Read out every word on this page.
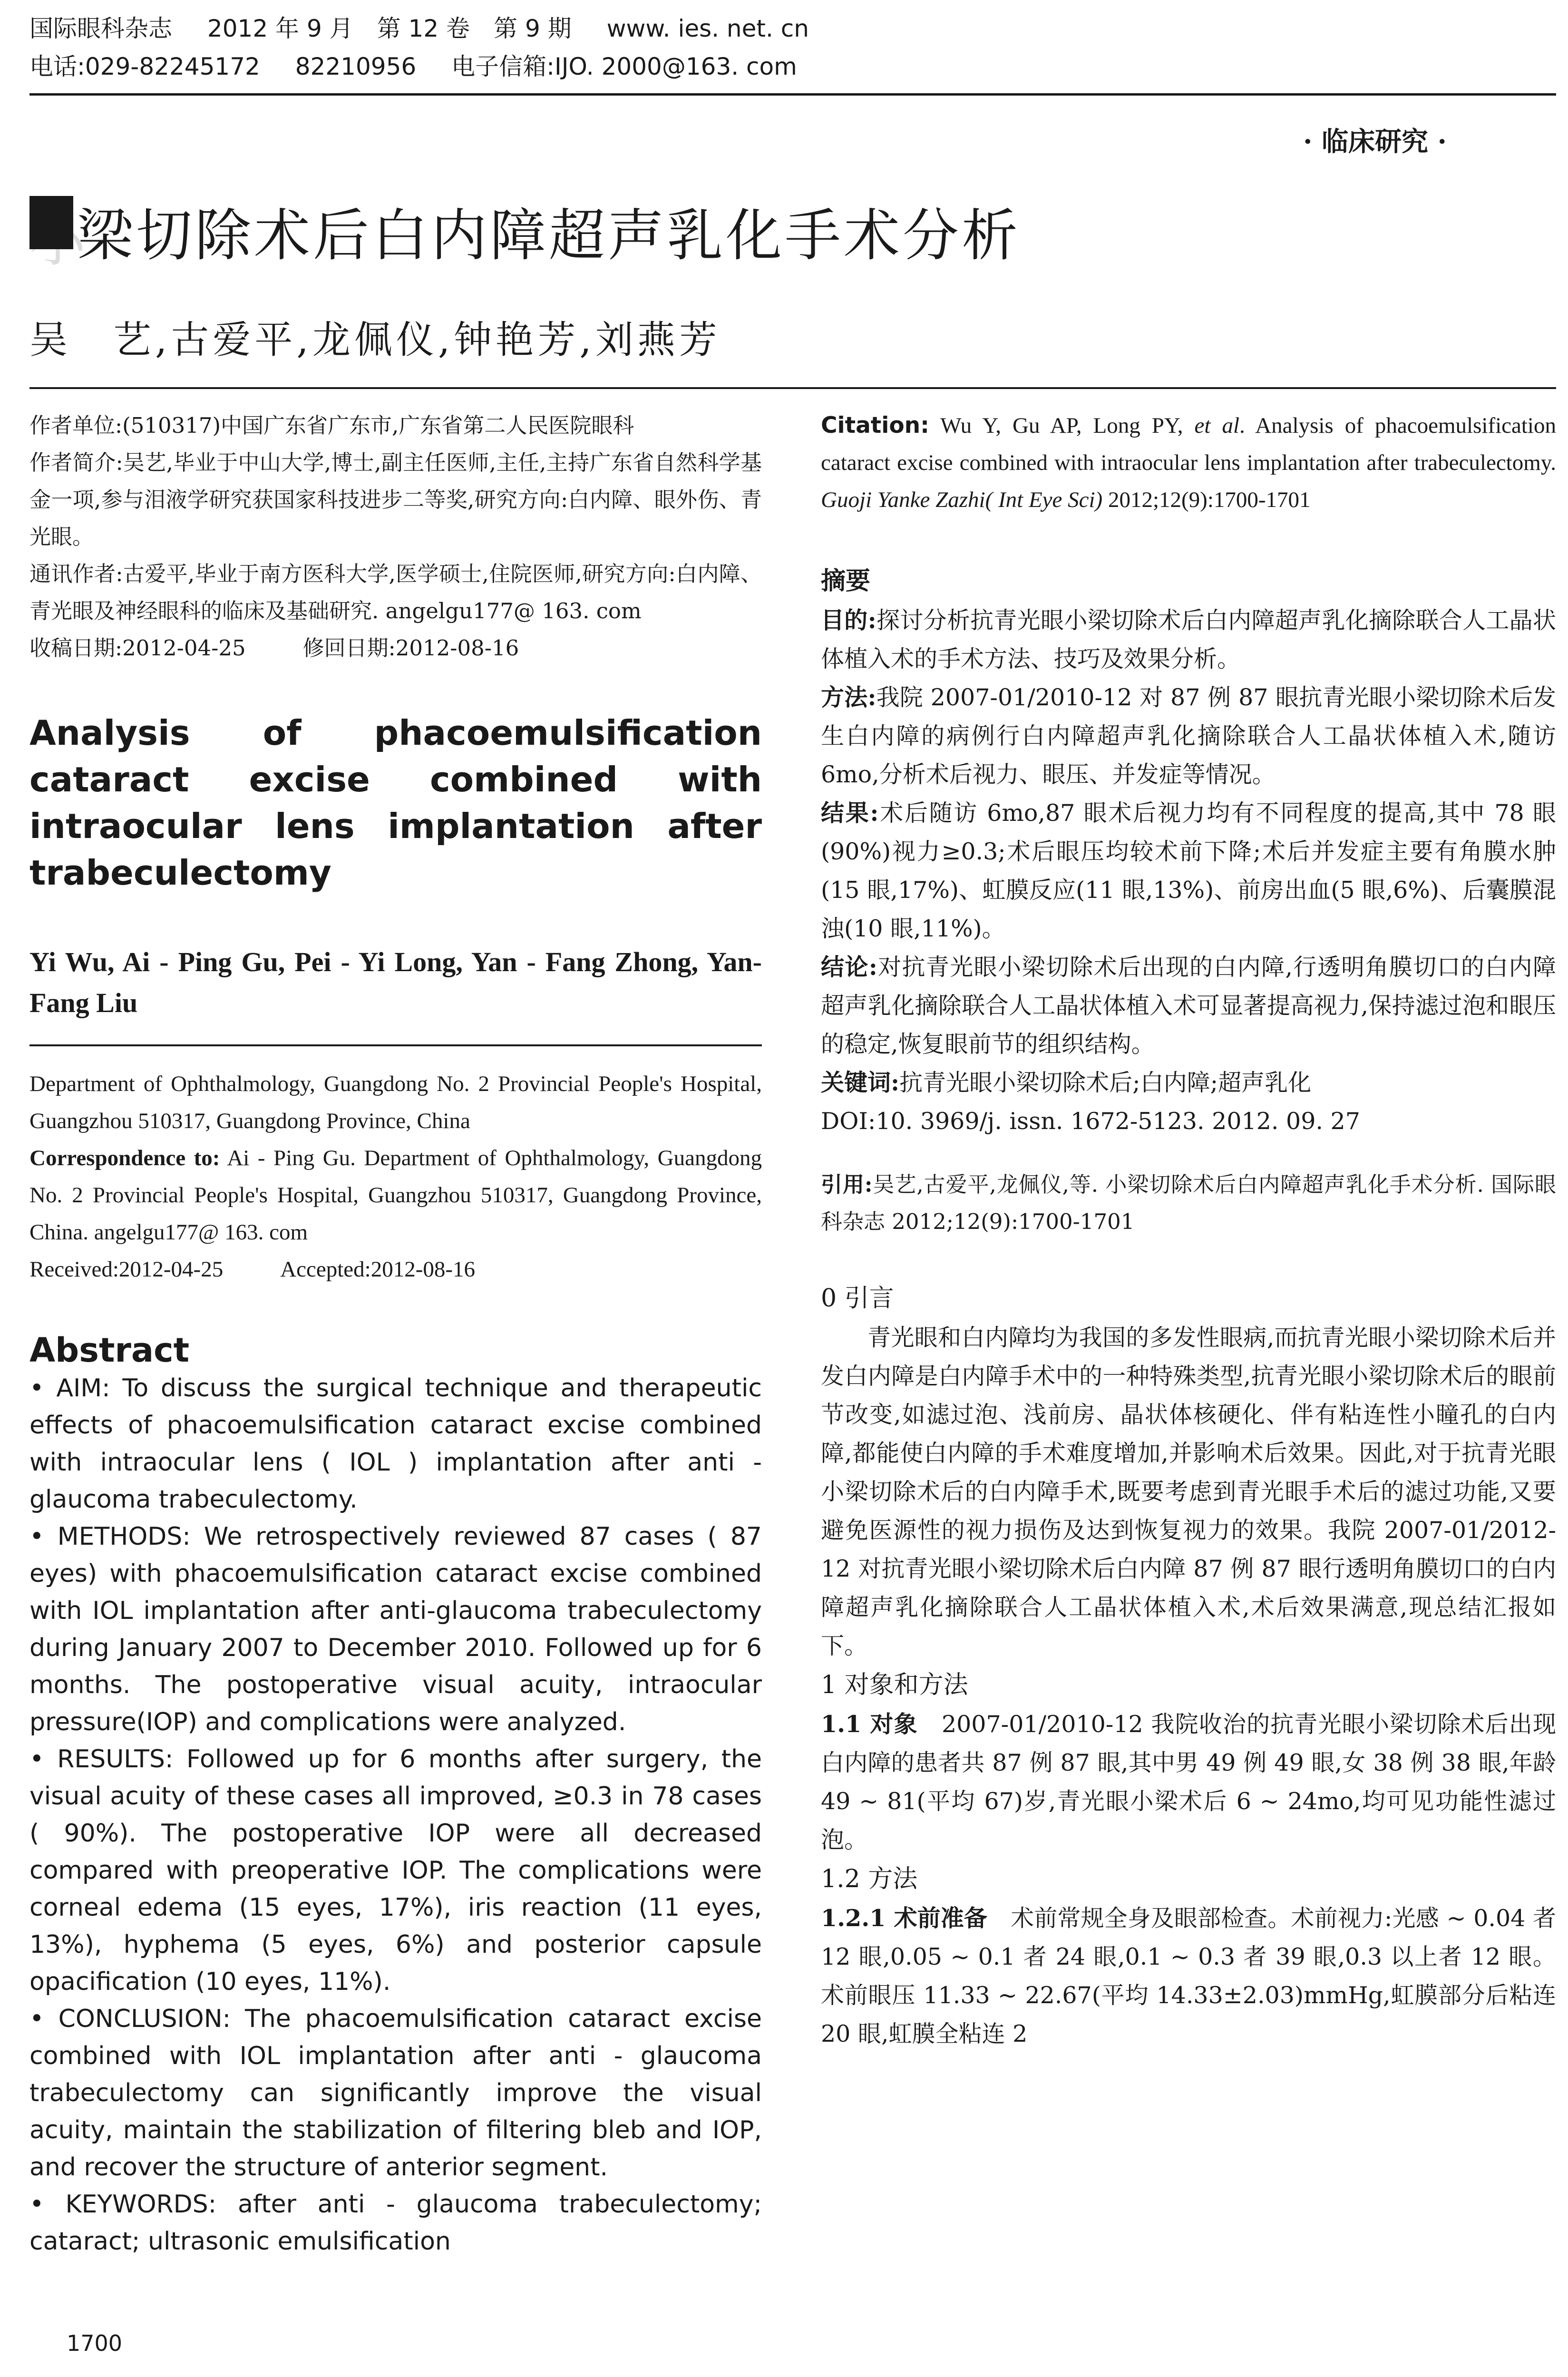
国际眼科杂志 2012 年 9 月　第 12 卷　第 9 期 www. ies. net. cn
电话:029-82245172 82210956 电子信箱:IJO. 2000@163. com
· 临床研究 ·
小梁切除术后白内障超声乳化手术分析
吴　艺,古爱平,龙佩仪,钟艳芳,刘燕芳

作者单位:(510317)中国广东省广东市,广东省第二人民医院眼科

作者简介:吴艺,毕业于中山大学,博士,副主任医师,主任,主持广东省自然科学基金一项,参与泪液学研究获国家科技进步二等奖,研究方向:白内障、眼外伤、青光眼。

通讯作者:古爱平,毕业于南方医科大学,医学硕士,住院医师,研究方向:白内障、青光眼及神经眼科的临床及基础研究. angelgu177@ 163. com

收稿日期:2012-04-25	修回日期:2012-08-16

Analysis of phacoemulsification cataract excise combined with intraocular lens implantation after trabeculectomy

Yi Wu, Ai - Ping Gu, Pei - Yi Long, Yan - Fang Zhong, Yan-Fang Liu

Department of Ophthalmology, Guangdong No. 2 Provincial People's Hospital, Guangzhou 510317, Guangdong Province, China

Correspondence to: Ai - Ping Gu. Department of Ophthalmology, Guangdong No. 2 Provincial People's Hospital, Guangzhou 510317, Guangdong Province, China. angelgu177@ 163. com

Received:2012-04-25	Accepted:2012-08-16

Abstract

• AIM: To discuss the surgical technique and therapeutic effects of phacoemulsification cataract excise combined with intraocular lens ( IOL ) implantation after anti - glaucoma trabeculectomy.

• METHODS: We retrospectively reviewed 87 cases ( 87 eyes) with phacoemulsification cataract excise combined with IOL implantation after anti-glaucoma trabeculectomy during January 2007 to December 2010. Followed up for 6 months. The postoperative visual acuity, intraocular pressure(IOP) and complications were analyzed.

• RESULTS: Followed up for 6 months after surgery, the visual acuity of these cases all improved, ≥0.3 in 78 cases ( 90%). The postoperative IOP were all decreased compared with preoperative IOP. The complications were corneal edema (15 eyes, 17%), iris reaction (11 eyes, 13%), hyphema (5 eyes, 6%) and posterior capsule opacification (10 eyes, 11%).

• CONCLUSION: The phacoemulsification cataract excise combined with IOL implantation after anti - glaucoma trabeculectomy can significantly improve the visual acuity, maintain the stabilization of filtering bleb and IOP, and recover the structure of anterior segment.

• KEYWORDS: after anti - glaucoma trabeculectomy; cataract; ultrasonic emulsification

Citation: Wu Y, Gu AP, Long PY, et al. Analysis of phacoemulsification cataract excise combined with intraocular lens implantation after trabeculectomy. Guoji Yanke Zazhi( Int Eye Sci) 2012;12(9):1700-1701

摘要

目的:探讨分析抗青光眼小梁切除术后白内障超声乳化摘除联合人工晶状体植入术的手术方法、技巧及效果分析。

方法:我院 2007-01/2010-12 对 87 例 87 眼抗青光眼小梁切除术后发生白内障的病例行白内障超声乳化摘除联合人工晶状体植入术,随访 6mo,分析术后视力、眼压、并发症等情况。

结果:术后随访 6mo,87 眼术后视力均有不同程度的提高,其中 78 眼(90%)视力≥0.3;术后眼压均较术前下降;术后并发症主要有角膜水肿(15 眼,17%)、虹膜反应(11 眼,13%)、前房出血(5 眼,6%)、后囊膜混浊(10 眼,11%)。

结论:对抗青光眼小梁切除术后出现的白内障,行透明角膜切口的白内障超声乳化摘除联合人工晶状体植入术可显著提高视力,保持滤过泡和眼压的稳定,恢复眼前节的组织结构。

关键词:抗青光眼小梁切除术后;白内障;超声乳化

DOI:10. 3969/j. issn. 1672-5123. 2012. 09. 27

引用:吴艺,古爱平,龙佩仪,等. 小梁切除术后白内障超声乳化手术分析. 国际眼科杂志 2012;12(9):1700-1701

0 引言

青光眼和白内障均为我国的多发性眼病,而抗青光眼小梁切除术后并发白内障是白内障手术中的一种特殊类型,抗青光眼小梁切除术后的眼前节改变,如滤过泡、浅前房、晶状体核硬化、伴有粘连性小瞳孔的白内障,都能使白内障的手术难度增加,并影响术后效果。因此,对于抗青光眼小梁切除术后的白内障手术,既要考虑到青光眼手术后的滤过功能,又要避免医源性的视力损伤及达到恢复视力的效果。我院 2007-01/2012-12 对抗青光眼小梁切除术后白内障 87 例 87 眼行透明角膜切口的白内障超声乳化摘除联合人工晶状体植入术,术后效果满意,现总结汇报如下。

1 对象和方法

1.1 对象　2007-01/2010-12 我院收治的抗青光眼小梁切除术后出现白内障的患者共 87 例 87 眼,其中男 49 例 49 眼,女 38 例 38 眼,年龄 49 ~ 81(平均 67)岁,青光眼小梁术后 6 ~ 24mo,均可见功能性滤过泡。

1.2 方法

1.2.1 术前准备　术前常规全身及眼部检查。术前视力:光感 ~ 0.04 者 12 眼,0.05 ~ 0.1 者 24 眼,0.1 ~ 0.3 者 39 眼,0.3 以上者 12 眼。术前眼压 11.33 ~ 22.67(平均 14.33±2.03)mmHg,虹膜部分后粘连 20 眼,虹膜全粘连 2

1700
